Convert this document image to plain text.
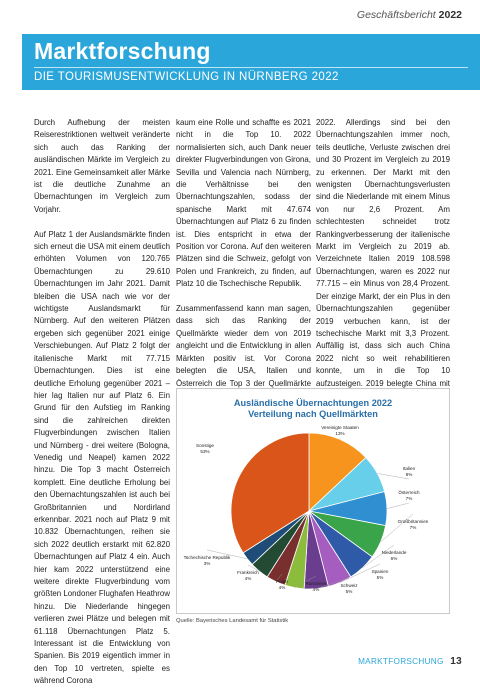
Geschäftsbericht 2022
Marktforschung
DIE TOURISMUSENTWICKLUNG IN NÜRNBERG 2022

Durch Aufhebung der meisten Reiserestriktionen weltweit veränderte sich auch das Ranking der ausländischen Märkte im Vergleich zu 2021. Eine Gemeinsamkeit aller Märke ist die deutliche Zunahme an Übernachtungen im Vergleich zum Vorjahr.

Auf Platz 1 der Auslandsmärkte finden sich erneut die USA mit einem deutlich erhöhten Volumen von 120.765 Übernachtungen zu 29.610 Übernachtungen im Jahr 2021. Damit bleiben die USA nach wie vor der wichtigste Auslandsmarkt für Nürnberg. Auf den weiteren Plätzen ergeben sich gegenüber 2021 einige Verschiebungen. Auf Platz 2 folgt der italienische Markt mit 77.715 Übernachtungen. Dies ist eine deutliche Erholung gegenüber 2021 – hier lag Italien nur auf Platz 6. Ein Grund für den Aufstieg im Ranking sind die zahlreichen direkten Flugverbindungen zwischen Italien und Nürnberg - drei weitere (Bologna, Venedig und Neapel) kamen 2022 hinzu. Die Top 3 macht Österreich komplett. Eine deutliche Erholung bei den Übernachtungszahlen ist auch bei Großbritannien und Nordirland erkennbar. 2021 noch auf Platz 9 mit 10.832 Übernachtungen, reihen sie sich 2022 deutlich erstarkt mit 62.820 Übernachtungen auf Platz 4 ein. Auch hier kam 2022 unterstützend eine weitere direkte Flugverbindung vom größten Londoner Flughafen Heathrow hinzu. Die Niederlande hingegen verlieren zwei Plätze und belegen mit 61.118 Übernachtungen Platz 5. Interessant ist die Entwicklung von Spanien. Bis 2019 eigentlich immer in den Top 10 vertreten, spielte es während Corona

kaum eine Rolle und schaffte es 2021 nicht in die Top 10. 2022 normalisierten sich, auch Dank neuer direkter Flugverbindungen von Girona, Sevilla und Valencia nach Nürnberg, die Verhältnisse bei den Übernachtungszahlen, sodass der spanische Markt mit 47.674 Übernachtungen auf Platz 6 zu finden ist. Dies entspricht in etwa der Position vor Corona. Auf den weiteren Plätzen sind die Schweiz, gefolgt von Polen und Frankreich, zu finden, auf Platz 10 die Tschechische Republik.

Zusammenfassend kann man sagen, dass sich das Ranking der Quellmärkte wieder dem von 2019 angleicht und die Entwicklung in allen Märkten positiv ist. Vor Corona belegten die USA, Italien und Österreich die Top 3 der Quellmärkte

2022. Allerdings sind bei den Übernachtungszahlen immer noch, teils deutliche, Verluste zwischen drei und 30 Prozent im Vergleich zu 2019 zu erkennen. Der Markt mit den wenigsten Übernachtungsverlusten sind die Niederlande mit einem Minus von nur 2,6 Prozent. Am schlechtesten schneidet trotz Rankingverbesserung der italienische Markt im Vergleich zu 2019 ab. Verzeichnete Italien 2019 108.598 Übernachtungen, waren es 2022 nur 77.715 – ein Minus von 28,4 Prozent. Der einzige Markt, der ein Plus in den Übernachtungszahlen gegenüber 2019 verbuchen kann, ist der tschechische Markt mit 3,3 Prozent. Auffällig ist, dass sich auch China 2022 nicht so weit rehabilitieren konnte, um in die Top 10 aufzusteigen. 2019 belegte China mit

Vereinigte Staaten
13%
Italien
8%
Österreich
7%
Großbritannien
7%
Niederlande
6%
Spanien
5%
Schweiz
5%
Rumänien
4%
Polen
4%
Frankreich
4%
Tschechische Republik
3%
Sonstige
53%
Ausländische Übernachtungen 2022
Verteilung nach Quellmärkten
Quelle: Bayerisches Landesamt für Statistik
MARKTFORSCHUNG 13
